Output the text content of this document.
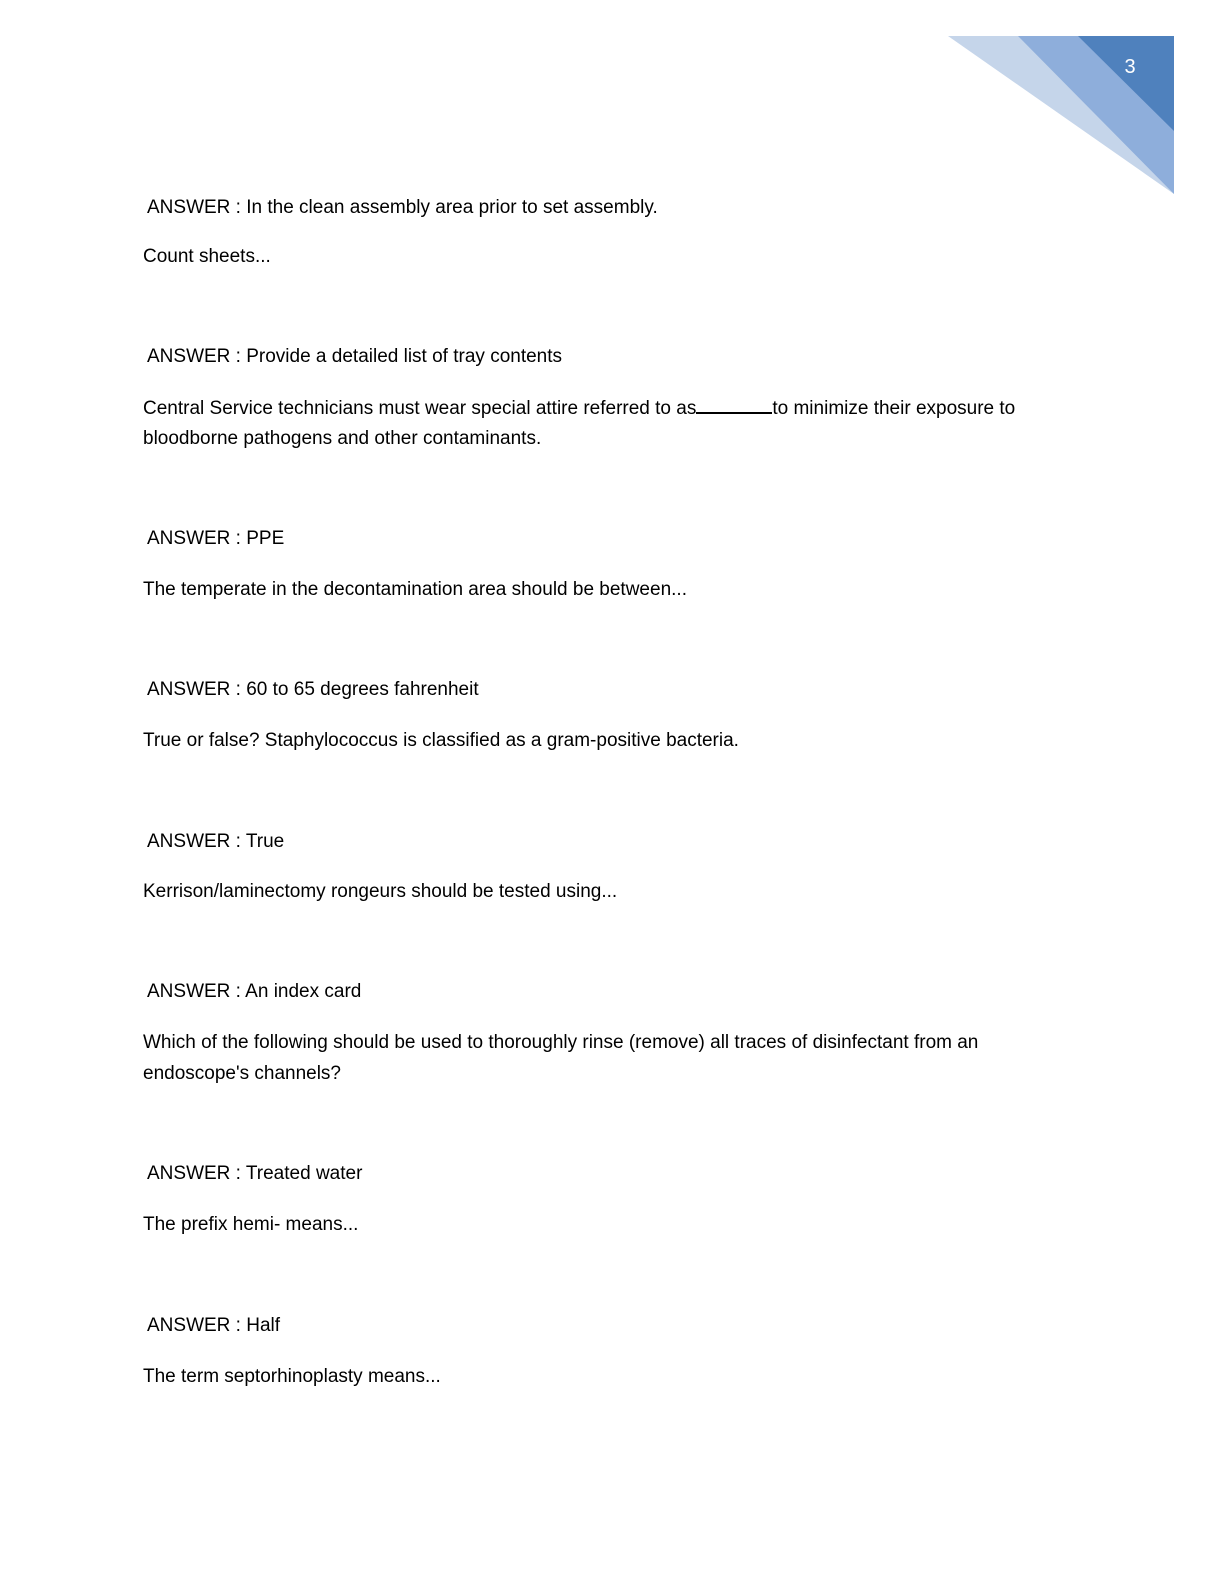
3
ANSWER : In the clean assembly area prior to set assembly.
Count sheets...
ANSWER : Provide a detailed list of tray contents
Central Service technicians must wear special attire referred to as	to minimize their exposure to
bloodborne pathogens and other contaminants.
ANSWER : PPE
The temperate in the decontamination area should be between...
ANSWER : 60 to 65 degrees fahrenheit
True or false? Staphylococcus is classified as a gram-positive bacteria.
ANSWER : True
Kerrison/laminectomy rongeurs should be tested using...
ANSWER : An index card
Which of the following should be used to thoroughly rinse (remove) all traces of disinfectant from an
endoscope's channels?
ANSWER : Treated water
The prefix hemi- means...
ANSWER : Half
The term septorhinoplasty means...
